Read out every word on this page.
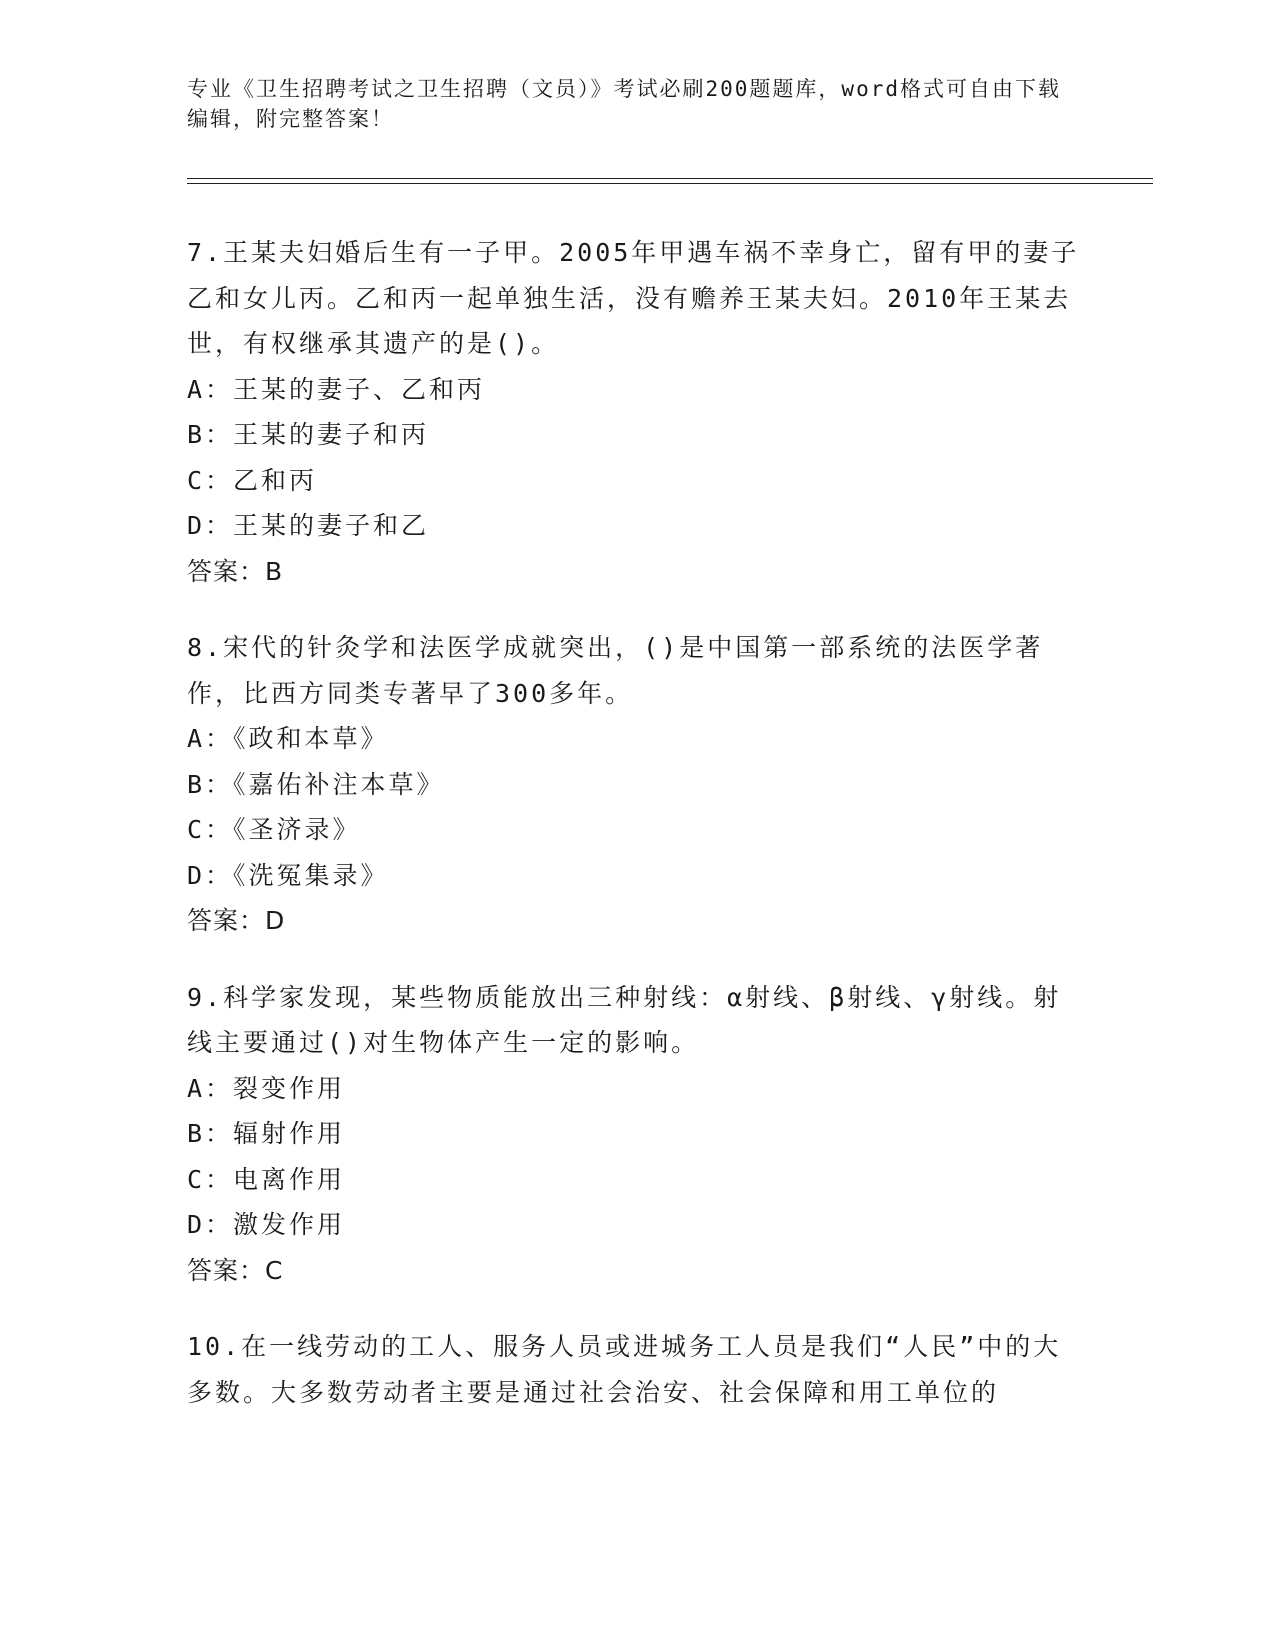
专业《卫生招聘考试之卫生招聘（文员）》考试必刷200题题库，word格式可自由下载编辑，附完整答案！

7.王某夫妇婚后生有一子甲。2005年甲遇车祸不幸身亡，留有甲的妻子乙和女儿丙。乙和丙一起单独生活，没有赡养王某夫妇。2010年王某去世，有权继承其遗产的是()。

A：王某的妻子、乙和丙

B：王某的妻子和丙

C：乙和丙

D：王某的妻子和乙

答案：B

8.宋代的针灸学和法医学成就突出，()是中国第一部系统的法医学著作，比西方同类专著早了300多年。

A：《政和本草》

B：《嘉佑补注本草》

C：《圣济录》

D：《洗冤集录》

答案：D

9.科学家发现，某些物质能放出三种射线：α射线、β射线、γ射线。射线主要通过()对生物体产生一定的影响。

A：裂变作用

B：辐射作用

C：电离作用

D：激发作用

答案：C

10.在一线劳动的工人、服务人员或进城务工人员是我们“人民”中的大多数。大多数劳动者主要是通过社会治安、社会保障和用工单位的
